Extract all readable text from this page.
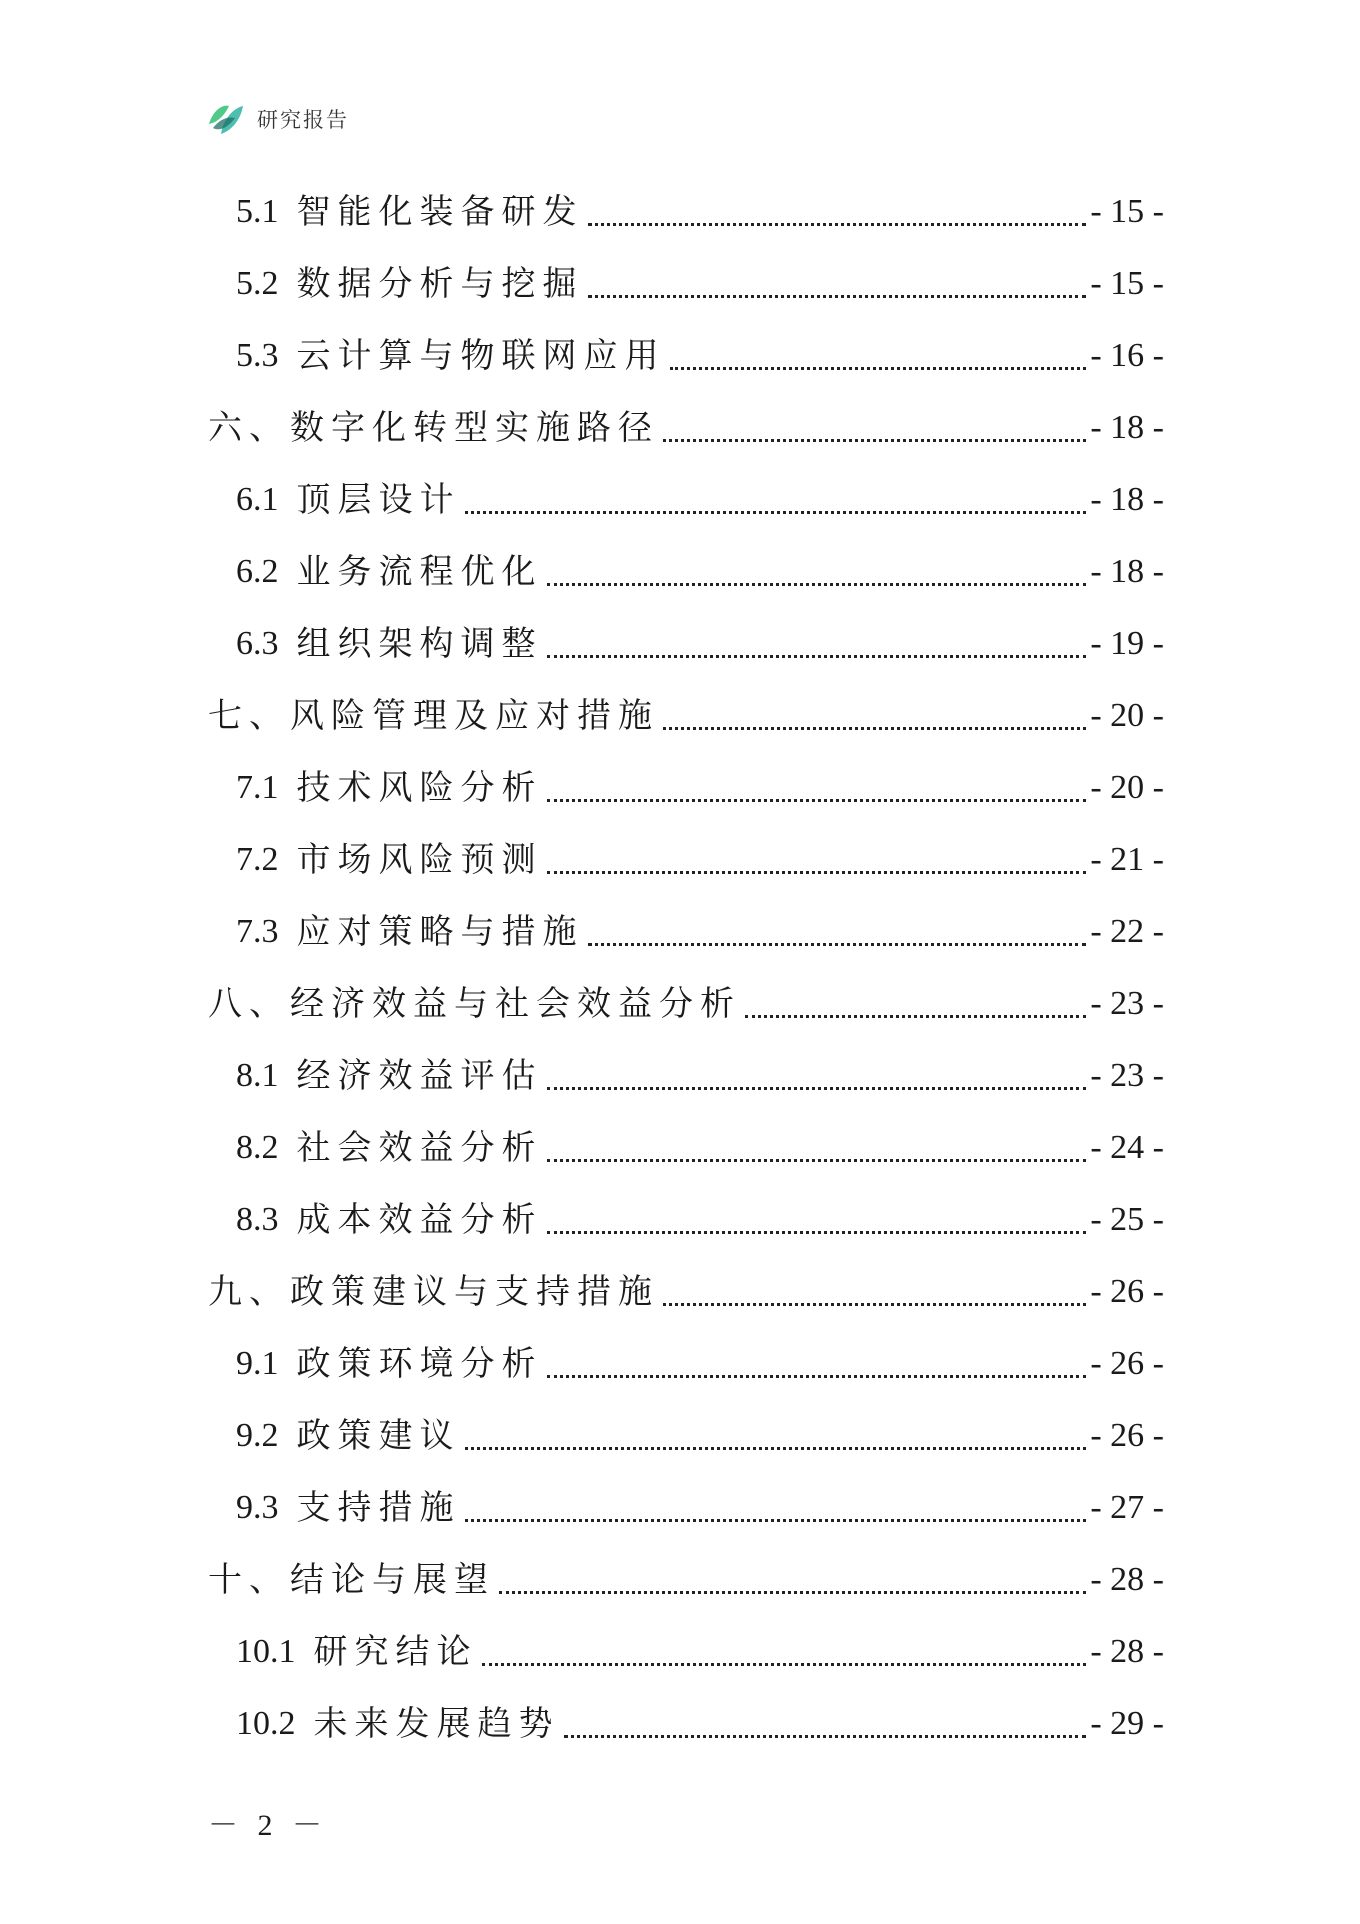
研究报告
5.1 智能化装备研发	- 15 -
5.2 数据分析与挖掘	- 15 -
5.3 云计算与物联网应用	- 16 -
六、数字化转型实施路径	- 18 -
6.1 顶层设计	- 18 -
6.2 业务流程优化	- 18 -
6.3 组织架构调整	- 19 -
七、风险管理及应对措施	- 20 -
7.1 技术风险分析	- 20 -
7.2 市场风险预测	- 21 -
7.3 应对策略与措施	- 22 -
八、经济效益与社会效益分析	- 23 -
8.1 经济效益评估	- 23 -
8.2 社会效益分析	- 24 -
8.3 成本效益分析	- 25 -
九、政策建议与支持措施	- 26 -
9.1 政策环境分析	- 26 -
9.2 政策建议	- 26 -
9.3 支持措施	- 27 -
十、结论与展望	- 28 -
10.1 研究结论	- 28 -
10.2 未来发展趋势	- 29 -
－ 2 －
